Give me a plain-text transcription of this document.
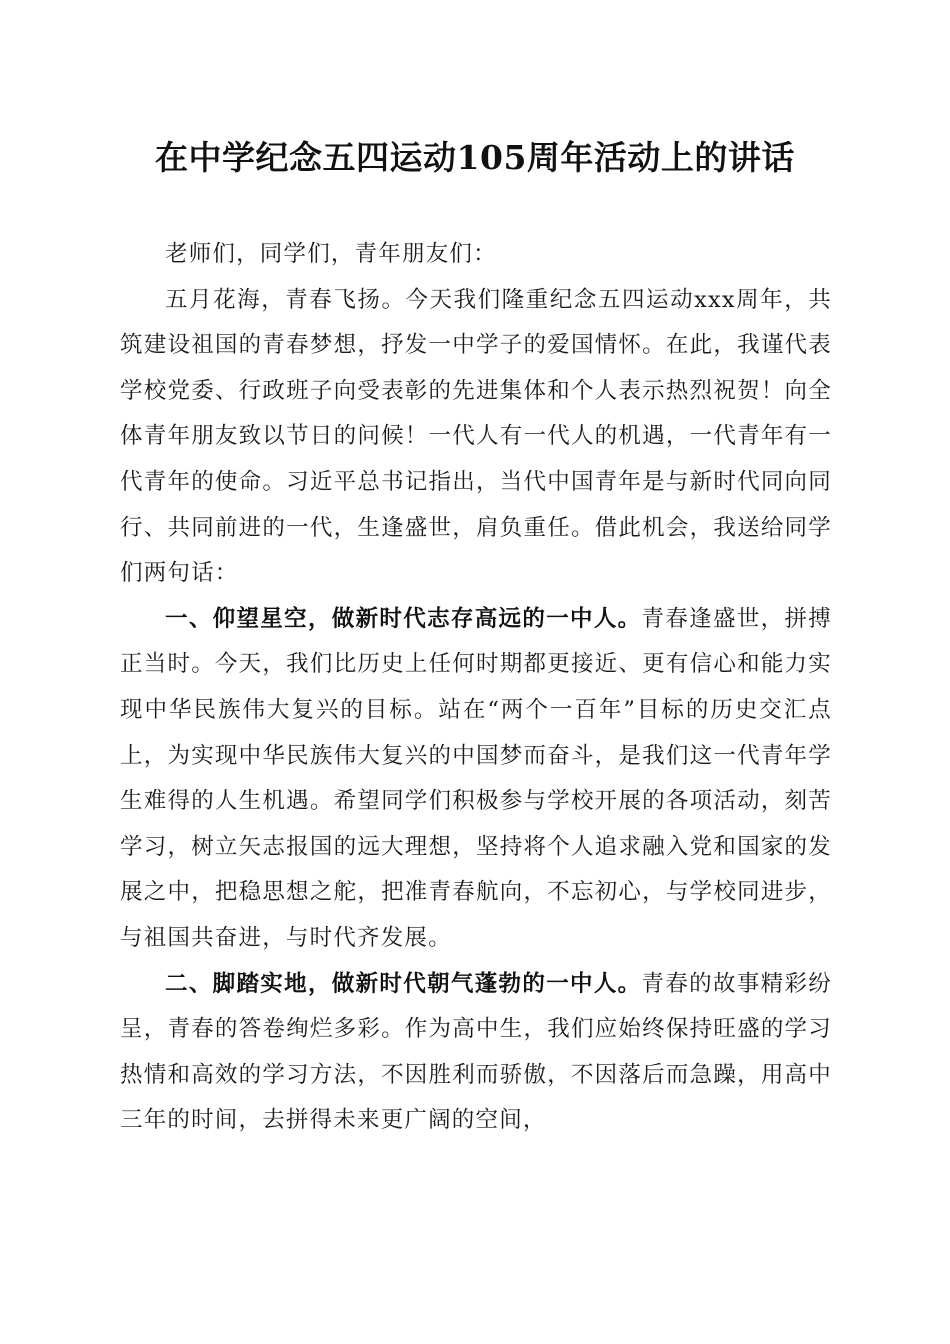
在中学纪念五四运动105周年活动上的讲话

老师们，同学们，青年朋友们：

五月花海，青春飞扬。今天我们隆重纪念五四运动xxx周年，共筑建设祖国的青春梦想，抒发一中学子的爱国情怀。在此，我谨代表学校党委、行政班子向受表彰的先进集体和个人表示热烈祝贺！向全体青年朋友致以节日的问候！一代人有一代人的机遇，一代青年有一代青年的使命。习近平总书记指出，当代中国青年是与新时代同向同行、共同前进的一代，生逢盛世，肩负重任。借此机会，我送给同学们两句话：

一、仰望星空，做新时代志存高远的一中人。青春逢盛世，拼搏正当时。今天，我们比历史上任何时期都更接近、更有信心和能力实现中华民族伟大复兴的目标。站在“两个一百年”目标的历史交汇点上，为实现中华民族伟大复兴的中国梦而奋斗，是我们这一代青年学生难得的人生机遇。希望同学们积极参与学校开展的各项活动，刻苦学习，树立矢志报国的远大理想，坚持将个人追求融入党和国家的发展之中，把稳思想之舵，把准青春航向，不忘初心，与学校同进步，与祖国共奋进，与时代齐发展。

二、脚踏实地，做新时代朝气蓬勃的一中人。青春的故事精彩纷呈，青春的答卷绚烂多彩。作为高中生，我们应始终保持旺盛的学习热情和高效的学习方法，不因胜利而骄傲，不因落后而急躁，用高中三年的时间，去拼得未来更广阔的空间，
